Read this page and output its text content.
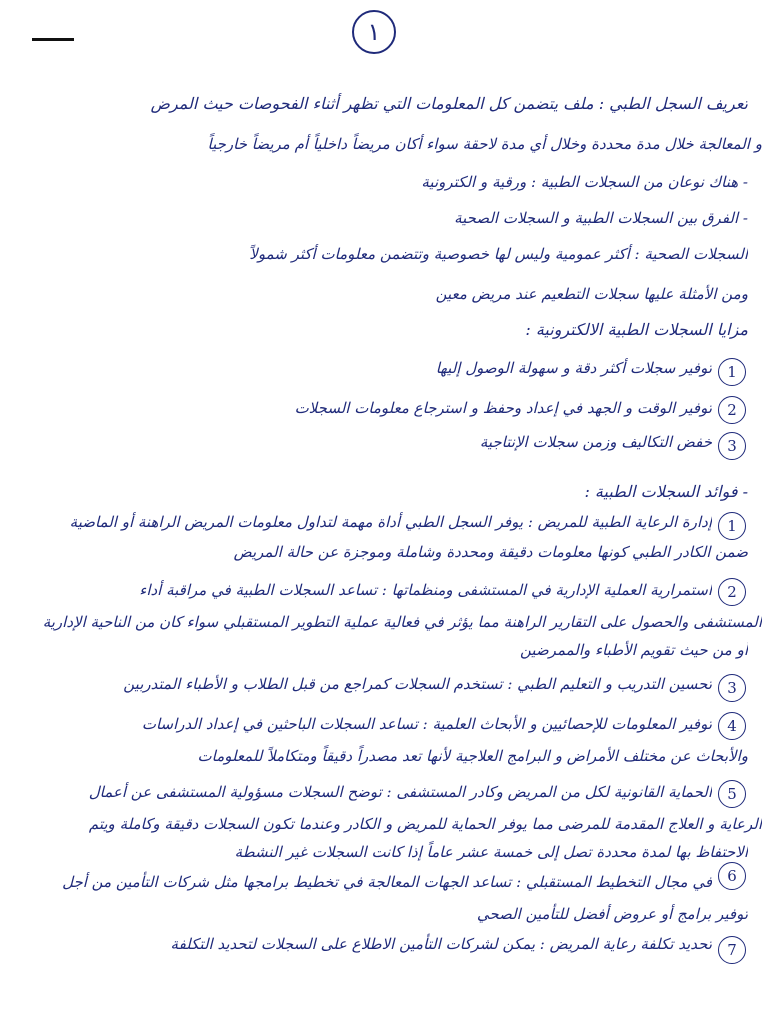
١
تعريف السجل الطبي : ملف يتضمن كل المعلومات التي تظهر أثناء الفحوصات حيث المرض
و المعالجة خلال مدة محددة وخلال أي مدة لاحقة سواء أكان مريضاً داخلياً أم مريضاً خارجياً
- هناك نوعان من السجلات الطبية : ورقية و الكترونية
- الفرق بين السجلات الطبية و السجلات الصحية
السجلات الصحية : أكثر عمومية وليس لها خصوصية وتتضمن معلومات أكثر شمولاً
ومن الأمثلة عليها سجلات التطعيم عند مريض معين
مزايا السجلات الطبية الالكترونية :
توفير سجلات أكثر دقة و سهولة الوصول إليها
توفير الوقت و الجهد في إعداد وحفظ و استرجاع معلومات السجلات
خفض التكاليف وزمن سجلات الإنتاجية
- فوائد السجلات الطبية :
إدارة الرعاية الطبية للمريض : يوفر السجل الطبي أداة مهمة لتداول معلومات المريض الراهنة أو الماضية
ضمن الكادر الطبي كونها معلومات دقيقة ومحددة وشاملة وموجزة عن حالة المريض
استمرارية العملية الإدارية في المستشفى ومنظماتها : تساعد السجلات الطبية في مراقبة أداء
المستشفى والحصول على التقارير الراهنة مما يؤثر في فعالية عملية التطوير المستقبلي سواء كان من الناحية الإدارية
أو من حيث تقويم الأطباء والممرضين
تحسين التدريب و التعليم الطبي : تستخدم السجلات كمراجع من قبل الطلاب و الأطباء المتدربين
توفير المعلومات للإحصائيين و الأبحاث العلمية : تساعد السجلات الباحثين في إعداد الدراسات
والأبحاث عن مختلف الأمراض و البرامج العلاجية لأنها تعد مصدراً دقيقاً ومتكاملاً للمعلومات
الحماية القانونية لكل من المريض وكادر المستشفى : توضح السجلات مسؤولية المستشفى عن أعمال
الرعاية و العلاج المقدمة للمرضى مما يوفر الحماية للمريض و الكادر وعندما تكون السجلات دقيقة وكاملة ويتم
الاحتفاظ بها لمدة محددة تصل إلى خمسة عشر عاماً إذا كانت السجلات غير النشطة
في مجال التخطيط المستقبلي : تساعد الجهات المعالجة في تخطيط برامجها مثل شركات التأمين من أجل
توفير برامج أو عروض أفضل للتأمين الصحي
تحديد تكلفة رعاية المريض : يمكن لشركات التأمين الاطلاع على السجلات لتحديد التكلفة
1
2
3
1
2
3
4
5
6
7
